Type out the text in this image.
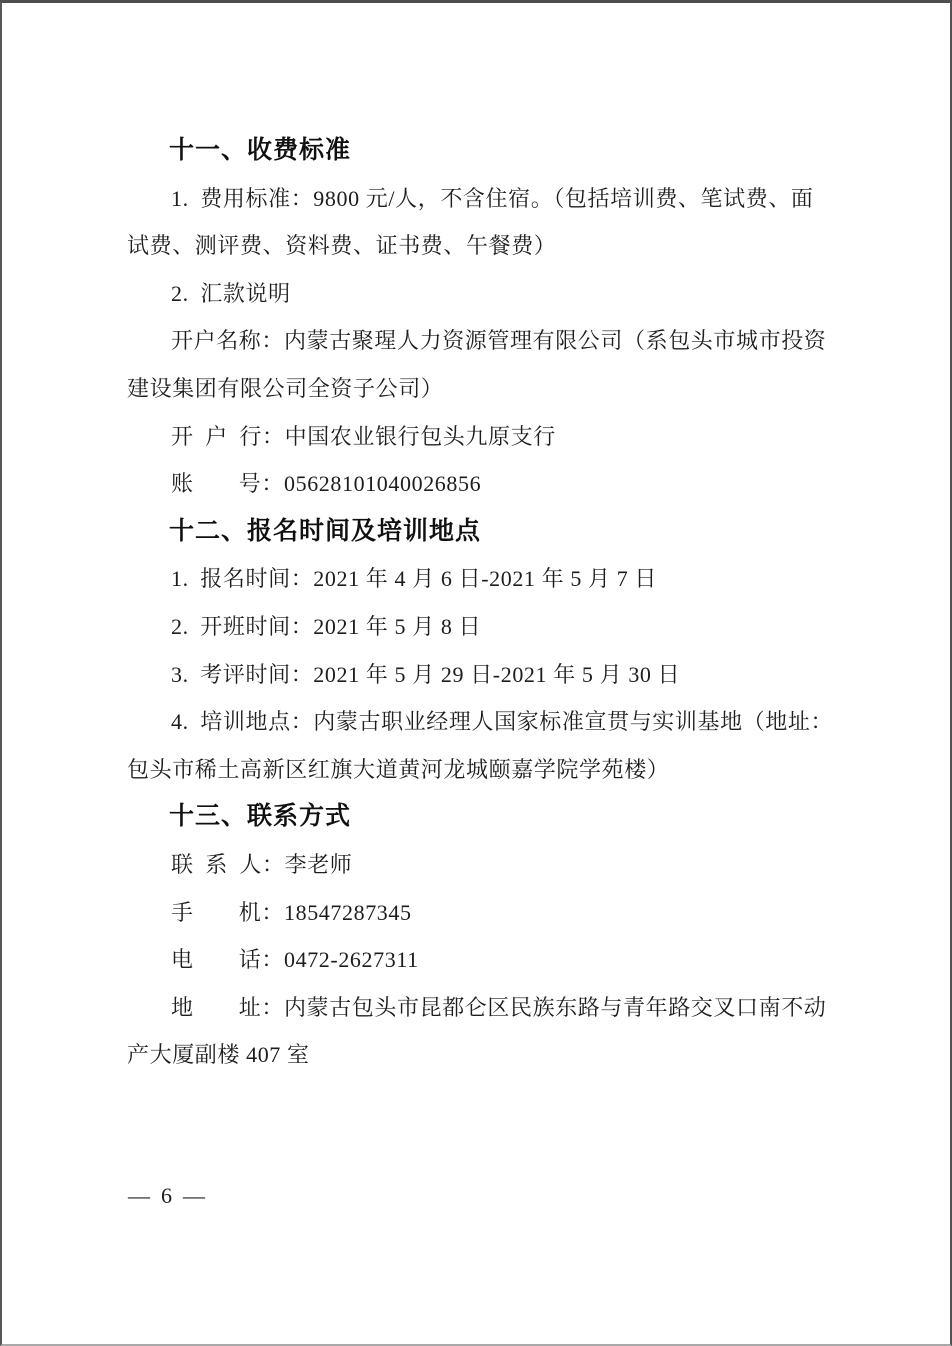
十一、收费标准
1. 费用标准：9800 元/人，不含住宿。（包括培训费、笔试费、面
试费、测评费、资料费、证书费、午餐费）
2. 汇款说明
开户名称：内蒙古聚瑆人力资源管理有限公司（系包头市城市投资
建设集团有限公司全资子公司）
开 户 行：中国农业银行包头九原支行
账　　号：05628101040026856
十二、报名时间及培训地点
1. 报名时间：2021 年 4 月 6 日-2021 年 5 月 7 日
2. 开班时间：2021 年 5 月 8 日
3. 考评时间：2021 年 5 月 29 日-2021 年 5 月 30 日
4. 培训地点：内蒙古职业经理人国家标准宣贯与实训基地（地址：
包头市稀土高新区红旗大道黄河龙城颐嘉学院学苑楼）
十三、联系方式
联 系 人：李老师
手　　机：18547287345
电　　话：0472-2627311
地　　址：内蒙古包头市昆都仑区民族东路与青年路交叉口南不动
产大厦副楼 407 室
— 6 —
